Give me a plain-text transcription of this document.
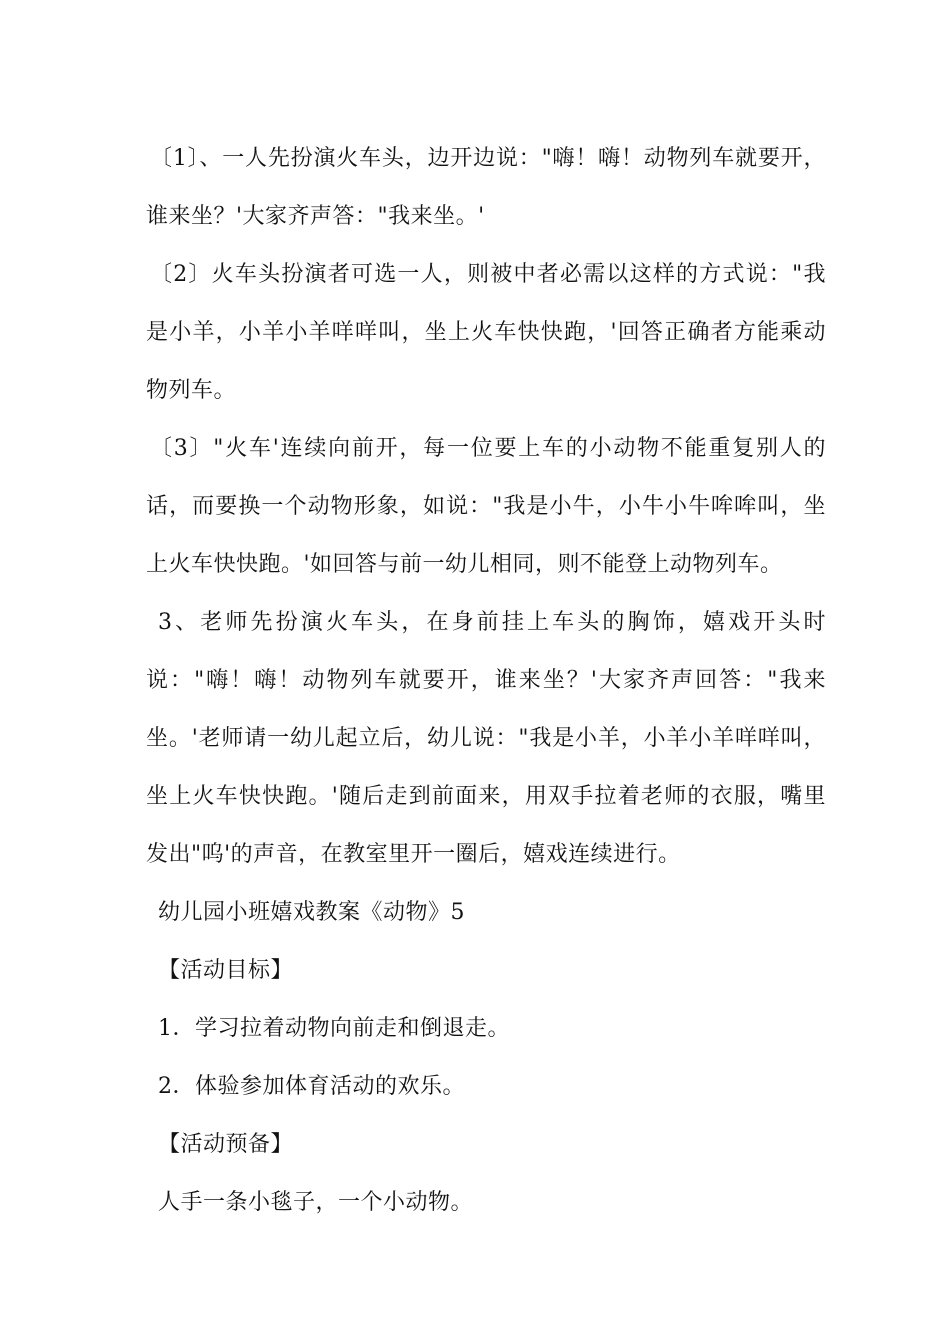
〔1〕、一人先扮演火车头，边开边说："嗨！嗨！动物列车就要开，谁来坐？'大家齐声答："我来坐。'

〔2〕火车头扮演者可选一人，则被中者必需以这样的方式说："我是小羊，小羊小羊咩咩叫，坐上火车快快跑，'回答正确者方能乘动物列车。

〔3〕"火车'连续向前开，每一位要上车的小动物不能重复别人的话，而要换一个动物形象，如说："我是小牛，小牛小牛哞哞叫，坐上火车快快跑。'如回答与前一幼儿相同，则不能登上动物列车。

3、老师先扮演火车头，在身前挂上车头的胸饰，嬉戏开头时说："嗨！嗨！动物列车就要开，谁来坐？'大家齐声回答："我来坐。'老师请一幼儿起立后，幼儿说："我是小羊，小羊小羊咩咩叫，坐上火车快快跑。'随后走到前面来，用双手拉着老师的衣服，嘴里发出"呜'的声音，在教室里开一圈后，嬉戏连续进行。

幼儿园小班嬉戏教案《动物》5

【活动目标】

1．学习拉着动物向前走和倒退走。

2．体验参加体育活动的欢乐。

【活动预备】

人手一条小毯子，一个小动物。
